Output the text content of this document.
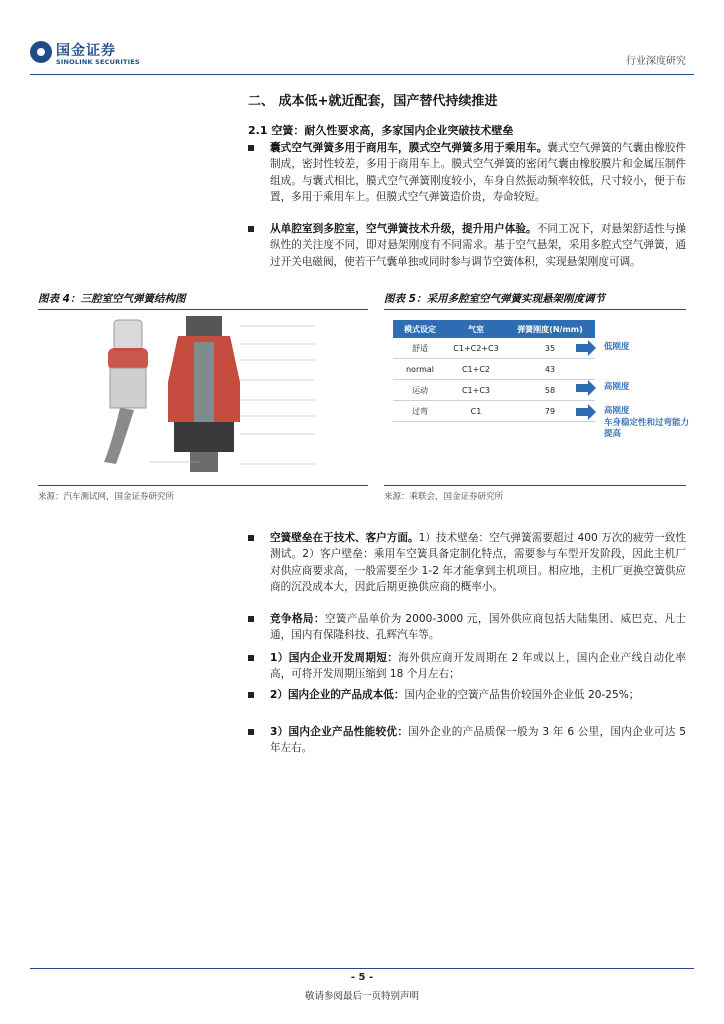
国金证券
SINOLINK SECURITIES	行业深度研究
二、 成本低+就近配套，国产替代持续推进
2.1 空簧：耐久性要求高，多家国内企业突破技术壁垒
囊式空气弹簧多用于商用车，膜式空气弹簧多用于乘用车。囊式空气弹簧的气囊由橡胶件制成，密封性较差，多用于商用车上。膜式空气弹簧的密闭气囊由橡胶膜片和金属压制件组成。与囊式相比，膜式空气弹簧刚度较小，车身自然振动频率较低，尺寸较小，便于布置，多用于乘用车上。但膜式空气弹簧造价贵，寿命较短。
从单腔室到多腔室，空气弹簧技术升级，提升用户体验。不同工况下，对悬架舒适性与操纵性的关注度不同，即对悬架刚度有不同需求。基于空气悬架，采用多腔式空气弹簧，通过开关电磁阀，使若干气囊单独或同时参与调节空簧体积，实现悬架刚度可调。
图表 4：三腔室空气弹簧结构图
来源：汽车测试网，国金证券研究所
图表 5：采用多腔室空气弹簧实现悬架刚度调节
模式设定	气室	弹簧刚度(N/mm)
舒适	C1+C2+C3	35
normal	C1+C2	43
运动	C1+C3	58
过弯	C1	79
低刚度
高刚度
高刚度
车身稳定性和过弯能力提高
来源：乘联会，国金证券研究所
空簧壁垒在于技术、客户方面。1）技术壁垒：空气弹簧需要超过 400 万次的疲劳一致性测试。2）客户壁垒：乘用车空簧具备定制化特点，需要参与车型开发阶段，因此主机厂对供应商要求高，一般需要至少 1-2 年才能拿到主机项目。相应地，主机厂更换空簧供应商的沉没成本大，因此后期更换供应商的概率小。
竞争格局：空簧产品单价为 2000-3000 元，国外供应商包括大陆集团、威巴克、凡士通，国内有保隆科技、孔辉汽车等。
1）国内企业开发周期短：海外供应商开发周期在 2 年或以上，国内企业产线自动化率高，可将开发周期压缩到 18 个月左右；
2）国内企业的产品成本低：国内企业的空簧产品售价较国外企业低 20-25%；
3）国内企业产品性能较优：国外企业的产品质保一般为 3 年 6 公里，国内企业可达 5 年左右。
- 5 -
敬请参阅最后一页特别声明
